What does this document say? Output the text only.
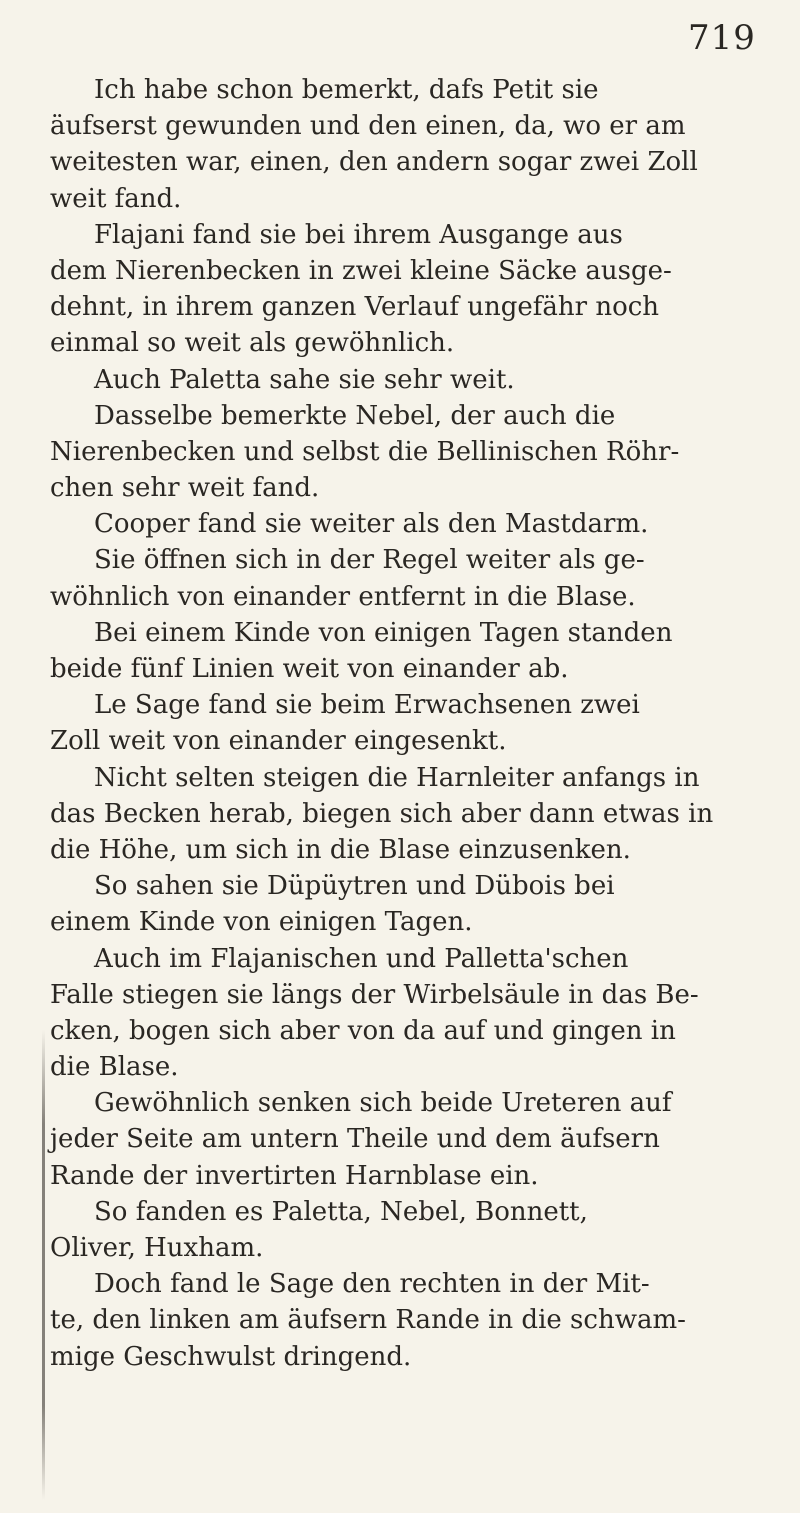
719
Ich habe schon bemerkt, dafs Petit sie
äufserst gewunden und den einen, da, wo er am
weitesten war, einen, den andern sogar zwei Zoll
weit fand.
Flajani fand sie bei ihrem Ausgange aus
dem Nierenbecken in zwei kleine Säcke ausge-
dehnt, in ihrem ganzen Verlauf ungefähr noch
einmal so weit als gewöhnlich.
Auch Paletta sahe sie sehr weit.
Dasselbe bemerkte Nebel, der auch die
Nierenbecken und selbst die Bellinischen Röhr-
chen sehr weit fand.
Cooper fand sie weiter als den Mastdarm.
Sie öffnen sich in der Regel weiter als ge-
wöhnlich von einander entfernt in die Blase.
Bei einem Kinde von einigen Tagen standen
beide fünf Linien weit von einander ab.
Le Sage fand sie beim Erwachsenen zwei
Zoll weit von einander eingesenkt.
Nicht selten steigen die Harnleiter anfangs in
das Becken herab, biegen sich aber dann etwas in
die Höhe, um sich in die Blase einzusenken.
So sahen sie Düpüytren und Dübois bei
einem Kinde von einigen Tagen.
Auch im Flajanischen und Palletta'schen
Falle stiegen sie längs der Wirbelsäule in das Be-
cken, bogen sich aber von da auf und gingen in
die Blase.
Gewöhnlich senken sich beide Ureteren auf
jeder Seite am untern Theile und dem äufsern
Rande der invertirten Harnblase ein.
So fanden es Paletta, Nebel, Bonnett,
Oliver, Huxham.
Doch fand le Sage den rechten in der Mit-
te, den linken am äufsern Rande in die schwam-
mige Geschwulst dringend.
